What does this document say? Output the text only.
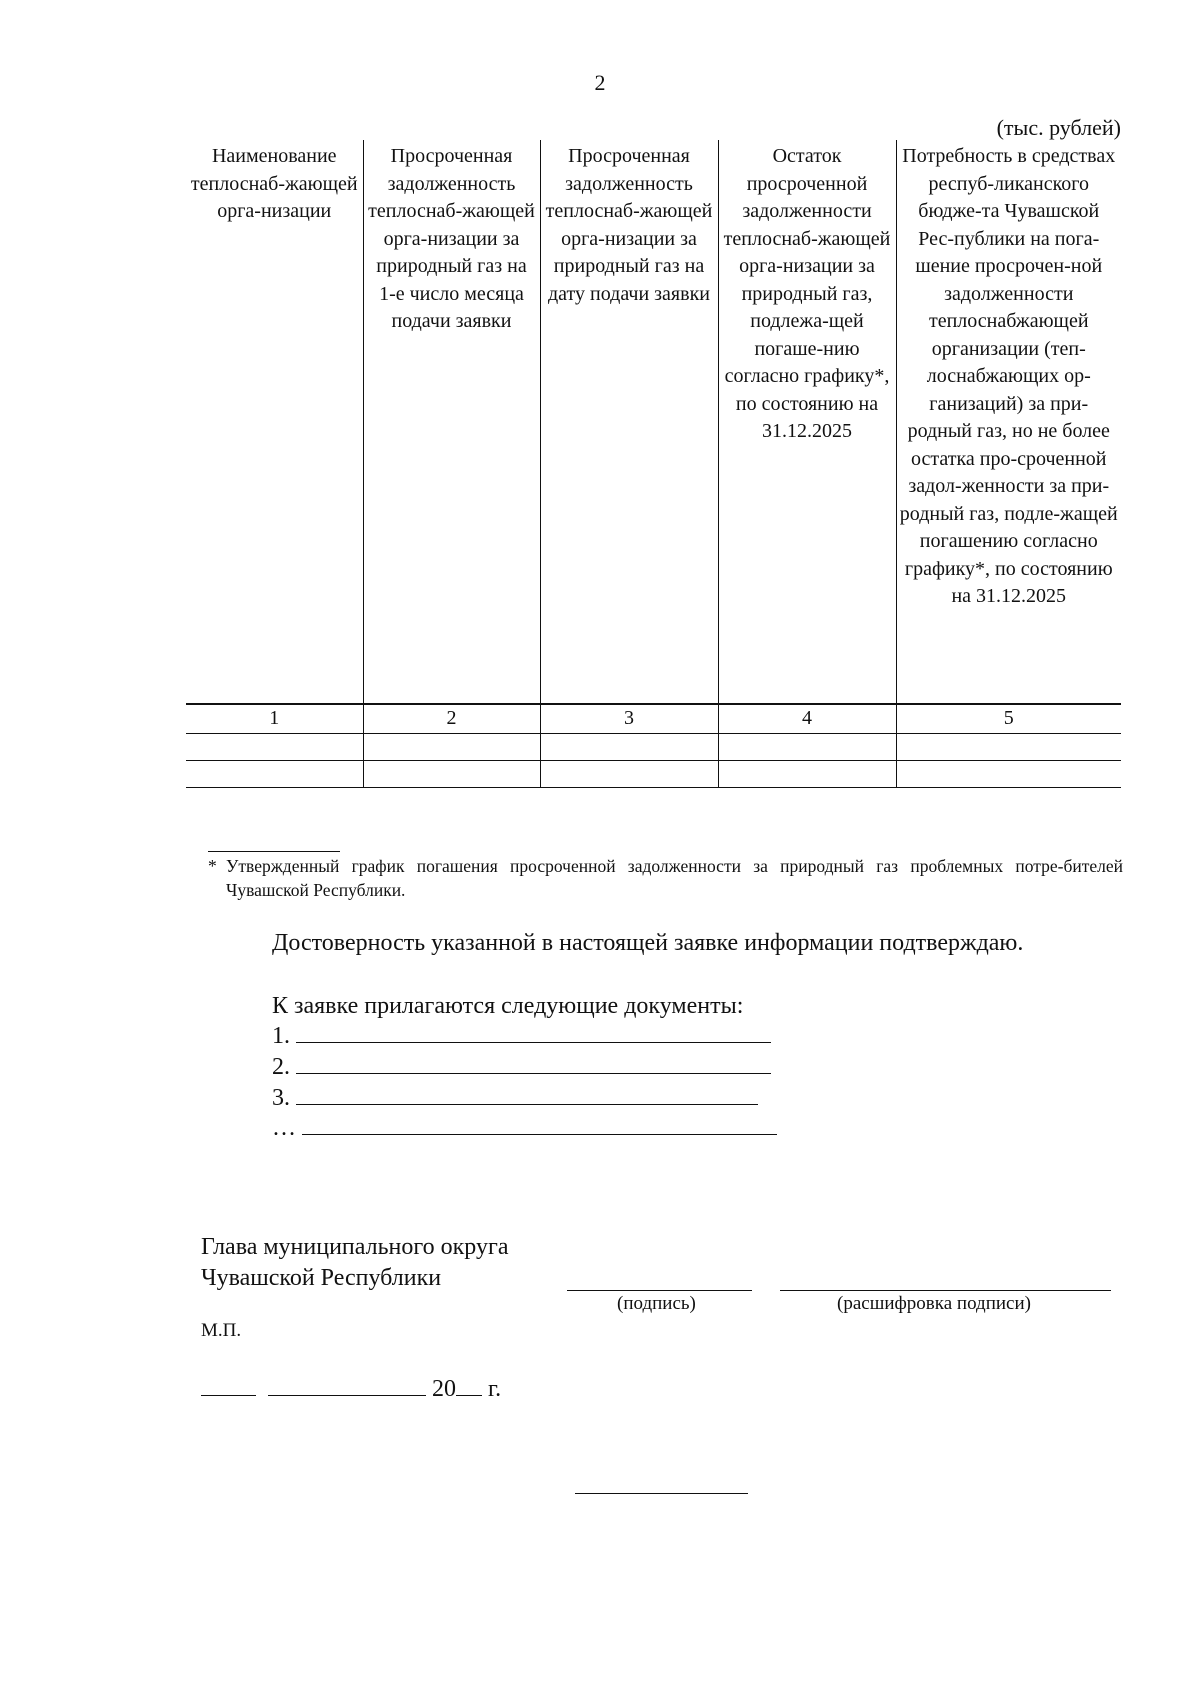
2
(тыс. рублей)
Наименование теплоснаб-жающей орга-низации	Просроченная задолженность теплоснаб-жающей орга-низации за природный газ на 1-е число месяца подачи заявки	Просроченная задолженность теплоснаб-жающей орга-низации за природный газ на дату подачи заявки	Остаток просроченной задолженности теплоснаб-жающей орга-низации за природный газ, подлежа-щей погаше-нию согласно графику*, по состоянию на 31.12.2025	Потребность в средствах респуб-ликанского бюдже-та Чувашской Рес-публики на пога-шение просрочен-ной задолженности теплоснабжающей организации (теп-лоснабжающих ор-ганизаций) за при-родный газ, но не более остатка про-сроченной задол-женности за при-родный газ, подле-жащей погашению согласно графику*, по состоянию на 31.12.2025
1	2	3	4	5

* Утвержденный график погашения просроченной задолженности за природный газ проблемных потре-бителей Чувашской Республики.
Достоверность указанной в настоящей заявке информации подтверждаю.
К заявке прилагаются следующие документы:
1.
2.
3.
…
Глава муниципального округа
Чувашской Республики
(подпись)	(расшифровка подписи)
М.П.
20 г.
